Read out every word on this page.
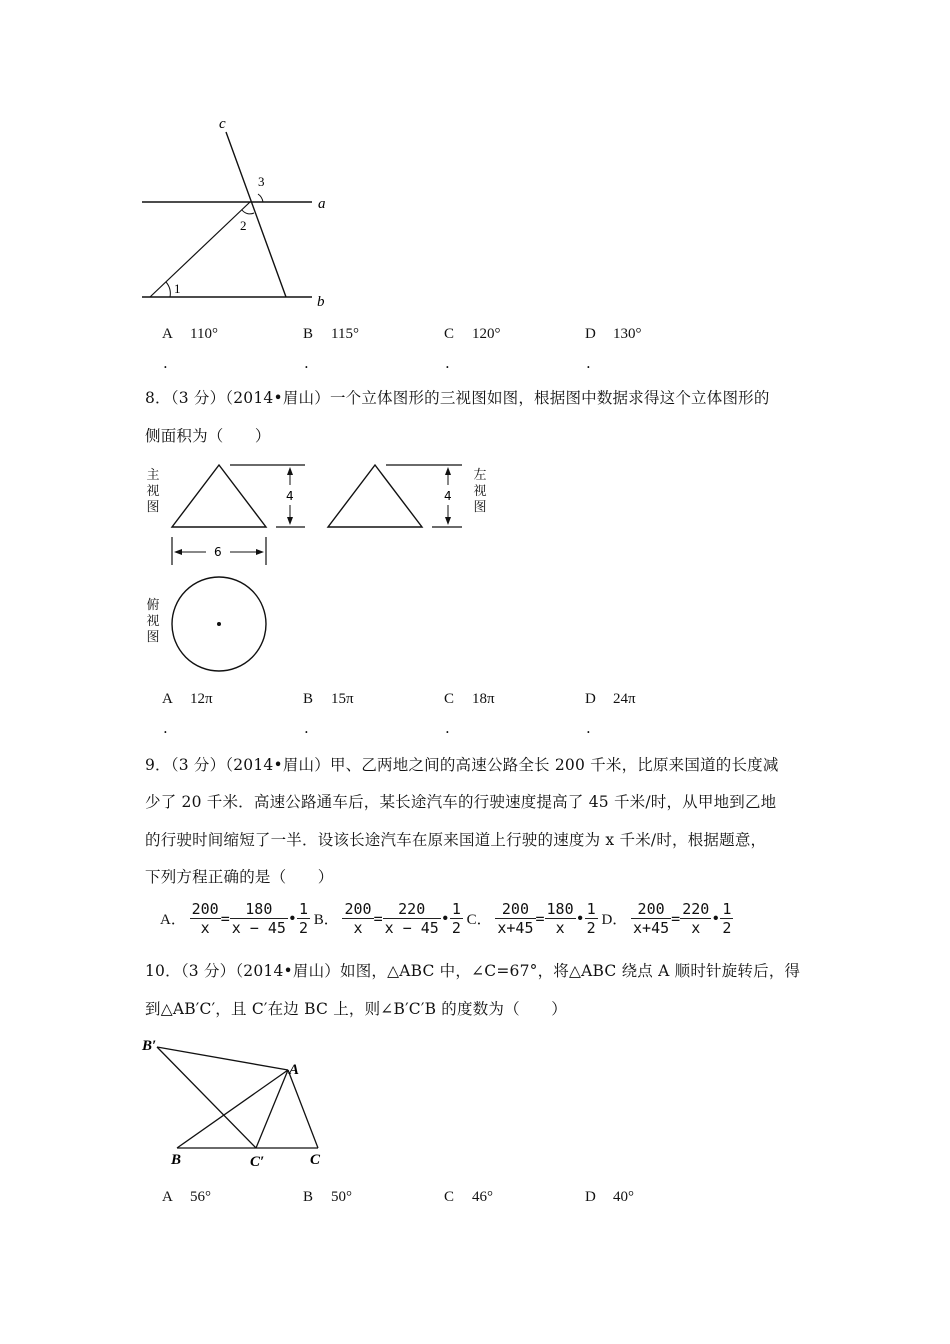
c
3
a
2
1
b
A 110°	B 115°	C 120°	D 130°
.	.	.	.
8．（3 分）（2014•眉山）一个立体图形的三视图如图，根据图中数据求得这个立体图形的
侧面积为（　　）
主
视
图
4	4
6
左
视
图
俯
视
图
A 12π	B 15π	C 18π	D 24π
.	.	.	.
9．（3 分）（2014•眉山）甲、乙两地之间的高速公路全长 200 千米，比原来国道的长度减
少了 20 千米．高速公路通车后，某长途汽车的行驶速度提高了 45 千米/时，从甲地到乙地
的行驶时间缩短了一半．设该长途汽车在原来国道上行驶的速度为 x 千米/时，根据题意，
下列方程正确的是（　　）
A． $\frac{200}{x} = \frac{180}{x - 45}$ • $\frac{1}{2}$ B． $\frac{200}{x} = \frac{220}{x - 45}$ • $\frac{1}{2}$ C． $\frac{200}{x+45} = \frac{180}{x}$ • $\frac{1}{2}$ D． $\frac{200}{x+45} = \frac{220}{x}$ • $\frac{1}{2}$
10．（3 分）（2014•眉山）如图，△ABC 中，∠C=67°，将△ABC 绕点 A 顺时针旋转后，得
到△AB′C′，且 C′在边 BC 上，则∠B′C′B 的度数为（　　）
B′
A
B	C′	C
A 56°	B 50°	C 46°	D 40°
